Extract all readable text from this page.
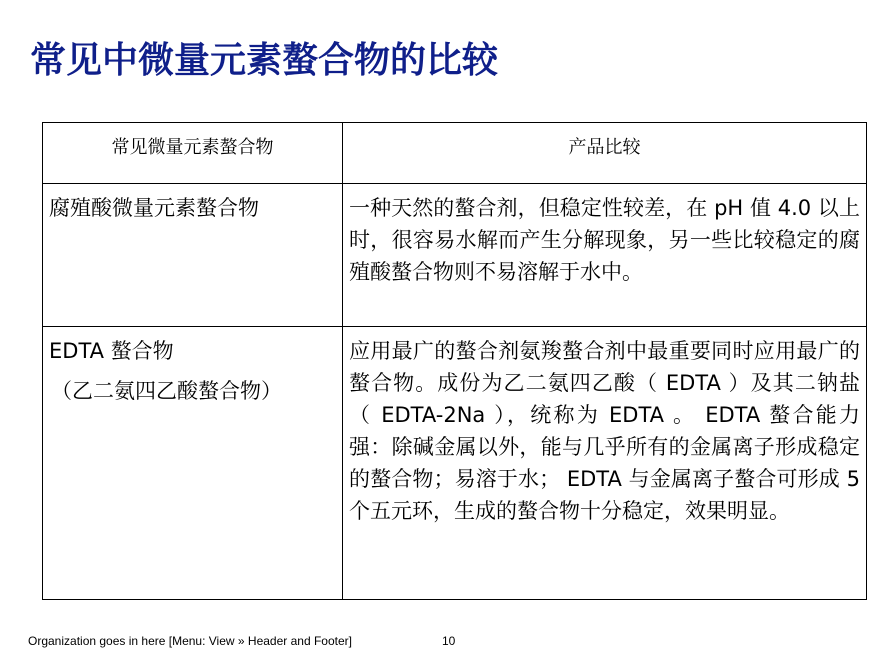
常见中微量元素螯合物的比较
常见微量元素螯合物	产品比较

腐殖酸微量元素螯合物	一种天然的螯合剂，但稳定性较差，在 pH 值 4.0 以上时，很容易水解而产生分解现象，另一些比较稳定的腐殖酸螯合物则不易溶解于水中。

EDTA 螯合物
（乙二氨四乙酸螯合物）	应用最广的螯合剂氨羧螯合剂中最重要同时应用最广的螯合物。成份为乙二氨四乙酸（ EDTA ）及其二钠盐 （ EDTA-2Na ），统称为 EDTA 。 EDTA 螯合能力强：除碱金属以外，能与几乎所有的金属离子形成稳定的螯合物；易溶于水； EDTA 与金属离子螯合可形成 5 个五元环，生成的螯合物十分稳定，效果明显。
Organization goes in here [Menu: View » Header and Footer]	10
